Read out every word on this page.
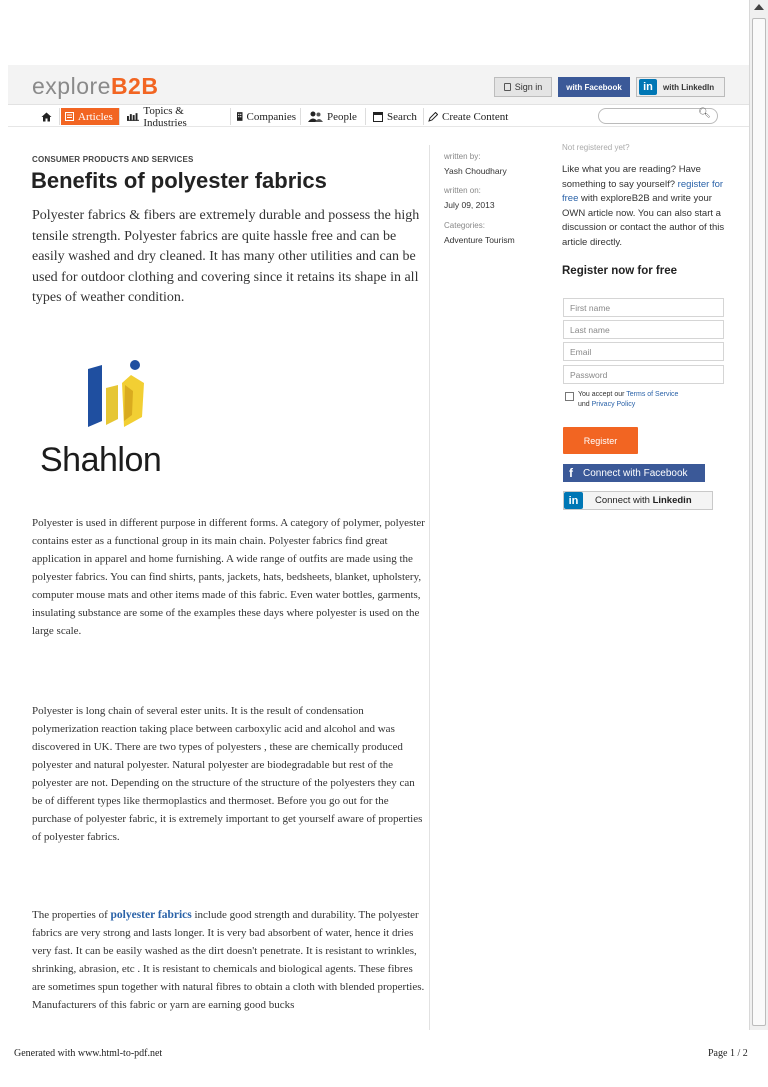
exploreB2B	Sign in	with Facebook	in	with LinkedIn
Articles	Topics & Industries	Companies	People	Search Create Content	🔍︎
CONSUMER PRODUCTS AND SERVICES
Benefits of polyester fabrics

Polyester fabrics & fibers are extremely durable and possess the high tensile strength. Polyester fabrics are quite hassle free and can be easily washed and dry cleaned. It has many other utilities and can be used for outdoor clothing and covering since it retains its shape in all types of weather condition.

Shahlon

Polyester is used in different purpose in different forms. A category of polymer, polyester contains ester as a functional group in its main chain. Polyester fabrics find great application in apparel and home furnishing. A wide range of outfits are made using the polyester fabrics. You can find shirts, pants, jackets, hats, bedsheets, blanket, upholstery, computer mouse mats and other items made of this fabric. Even water bottles, garments, insulating substance are some of the examples these days where polyester is used on the large scale.

Polyester is long chain of several ester units. It is the result of condensation polymerization reaction taking place between carboxylic acid and alcohol and was discovered in UK. There are two types of polyesters , these are chemically produced polyester and natural polyester. Natural polyester are biodegradable but rest of the polyester are not. Depending on the structure of the structure of the polyesters they can be of different types like thermoplastics and thermoset. Before you go out for the purchase of polyester fabric, it is extremely important to get yourself aware of properties of polyester fabrics.

The properties of polyester fabrics include good strength and durability. The polyester fabrics are very strong and lasts longer. It is very bad absorbent of water, hence it dries very fast. It can be easily washed as the dirt doesn't penetrate. It is resistant to wrinkles, shrinking, abrasion, etc . It is resistant to chemicals and biological agents. These fibres are sometimes spun together with natural fibres to obtain a cloth with blended properties. Manufacturers of this fabric or yarn are earning good bucks

written by:
Yash Choudhary
written on:
July 09, 2013
Categories:
Adventure Tourism
Not registered yet?
Like what you are reading? Have something to say yourself? register for free with exploreB2B and write your OWN article now. You can also start a discussion or contact the author of this article directly.
Register now for free
First name
Last name
Email
Password
You accept our Terms of Service
und Privacy Policy
Register
f Connect with Facebook
in	Connect with Linkedin
Generated with www.html-to-pdf.net	Page 1 / 2
